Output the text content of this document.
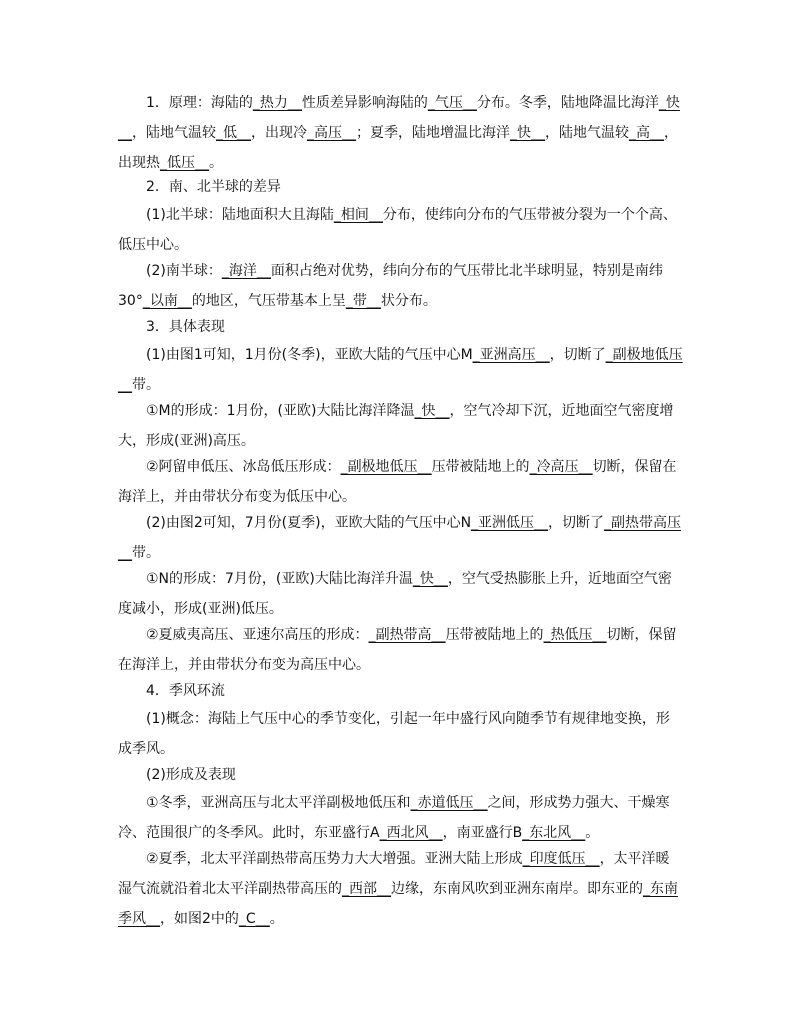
1．原理：海陆的_热力__性质差异影响海陆的_气压__分布。冬季，陆地降温比海洋_快__，陆地气温较_低__，出现冷_高压__；夏季，陆地增温比海洋_快__，陆地气温较_高__，出现热_低压__。

2．南、北半球的差异

(1)北半球：陆地面积大且海陆_相间__分布，使纬向分布的气压带被分裂为一个个高、低压中心。

(2)南半球：_海洋__面积占绝对优势，纬向分布的气压带比北半球明显，特别是南纬30°_以南__的地区，气压带基本上呈_带__状分布。

3．具体表现

(1)由图1可知，1月份(冬季)，亚欧大陆的气压中心M_亚洲高压__，切断了_副极地低压__带。

①M的形成：1月份，(亚欧)大陆比海洋降温_快__，空气冷却下沉，近地面空气密度增大，形成(亚洲)高压。

②阿留申低压、冰岛低压形成：_副极地低压__压带被陆地上的_冷高压__切断，保留在海洋上，并由带状分布变为低压中心。

(2)由图2可知，7月份(夏季)，亚欧大陆的气压中心N_亚洲低压__，切断了_副热带高压__带。

①N的形成：7月份，(亚欧)大陆比海洋升温_快__，空气受热膨胀上升，近地面空气密度减小，形成(亚洲)低压。

②夏威夷高压、亚速尔高压的形成：_副热带高__压带被陆地上的_热低压__切断，保留在海洋上，并由带状分布变为高压中心。

4．季风环流

(1)概念：海陆上气压中心的季节变化，引起一年中盛行风向随季节有规律地变换，形成季风。

(2)形成及表现

①冬季，亚洲高压与北太平洋副极地低压和_赤道低压__之间，形成势力强大、干燥寒冷、范围很广的冬季风。此时，东亚盛行A_西北风__，南亚盛行B_东北风__。

②夏季，北太平洋副热带高压势力大大增强。亚洲大陆上形成_印度低压__，太平洋暖湿气流就沿着北太平洋副热带高压的_西部__边缘，东南风吹到亚洲东南岸。即东亚的_东南季风__，如图2中的_C__。
